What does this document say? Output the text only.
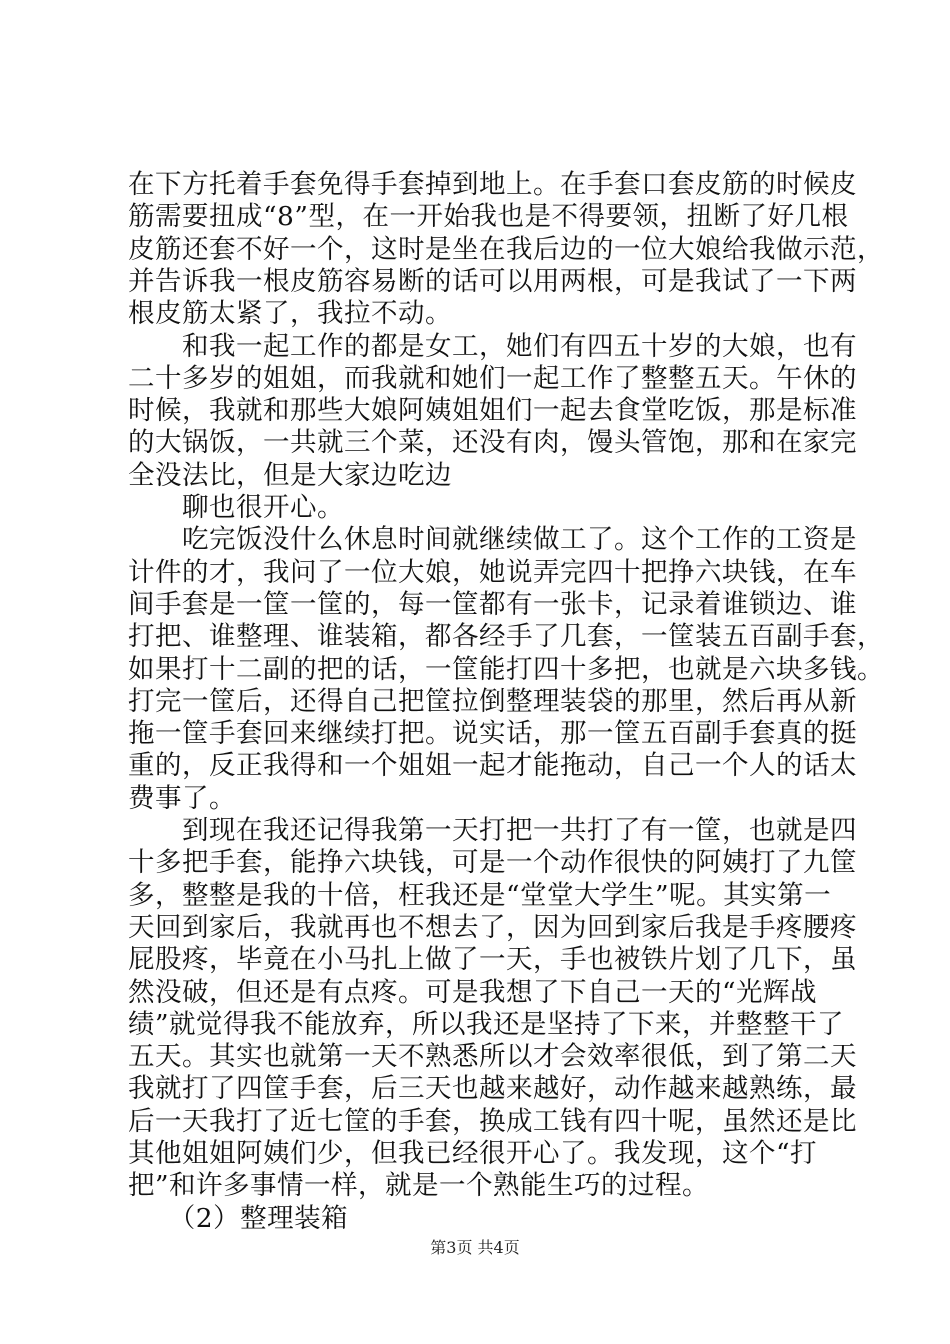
在下方托着手套免得手套掉到地上。在手套口套皮筋的时候皮
筋需要扭成“8”型，在一开始我也是不得要领，扭断了好几根
皮筋还套不好一个，这时是坐在我后边的一位大娘给我做示范，
并告诉我一根皮筋容易断的话可以用两根，可是我试了一下两
根皮筋太紧了，我拉不动。
　　和我一起工作的都是女工，她们有四五十岁的大娘，也有
二十多岁的姐姐，而我就和她们一起工作了整整五天。午休的
时候，我就和那些大娘阿姨姐姐们一起去食堂吃饭，那是标准
的大锅饭，一共就三个菜，还没有肉，馒头管饱，那和在家完
全没法比，但是大家边吃边
　　聊也很开心。
　　吃完饭没什么休息时间就继续做工了。这个工作的工资是
计件的才，我问了一位大娘，她说弄完四十把挣六块钱，在车
间手套是一筐一筐的，每一筐都有一张卡，记录着谁锁边、谁
打把、谁整理、谁装箱，都各经手了几套，一筐装五百副手套，
如果打十二副的把的话，一筐能打四十多把，也就是六块多钱。
打完一筐后，还得自己把筐拉倒整理装袋的那里，然后再从新
拖一筐手套回来继续打把。说实话，那一筐五百副手套真的挺
重的，反正我得和一个姐姐一起才能拖动，自己一个人的话太
费事了。
　　到现在我还记得我第一天打把一共打了有一筐，也就是四
十多把手套，能挣六块钱，可是一个动作很快的阿姨打了九筐
多，整整是我的十倍，枉我还是“堂堂大学生”呢。其实第一
天回到家后，我就再也不想去了，因为回到家后我是手疼腰疼
屁股疼，毕竟在小马扎上做了一天，手也被铁片划了几下，虽
然没破，但还是有点疼。可是我想了下自己一天的“光辉战
绩”就觉得我不能放弃，所以我还是坚持了下来，并整整干了
五天。其实也就第一天不熟悉所以才会效率很低，到了第二天
我就打了四筐手套，后三天也越来越好，动作越来越熟练，最
后一天我打了近七筐的手套，换成工钱有四十呢，虽然还是比
其他姐姐阿姨们少，但我已经很开心了。我发现，这个“打
把”和许多事情一样，就是一个熟能生巧的过程。
　　（2）整理装箱
第3页 共4页
